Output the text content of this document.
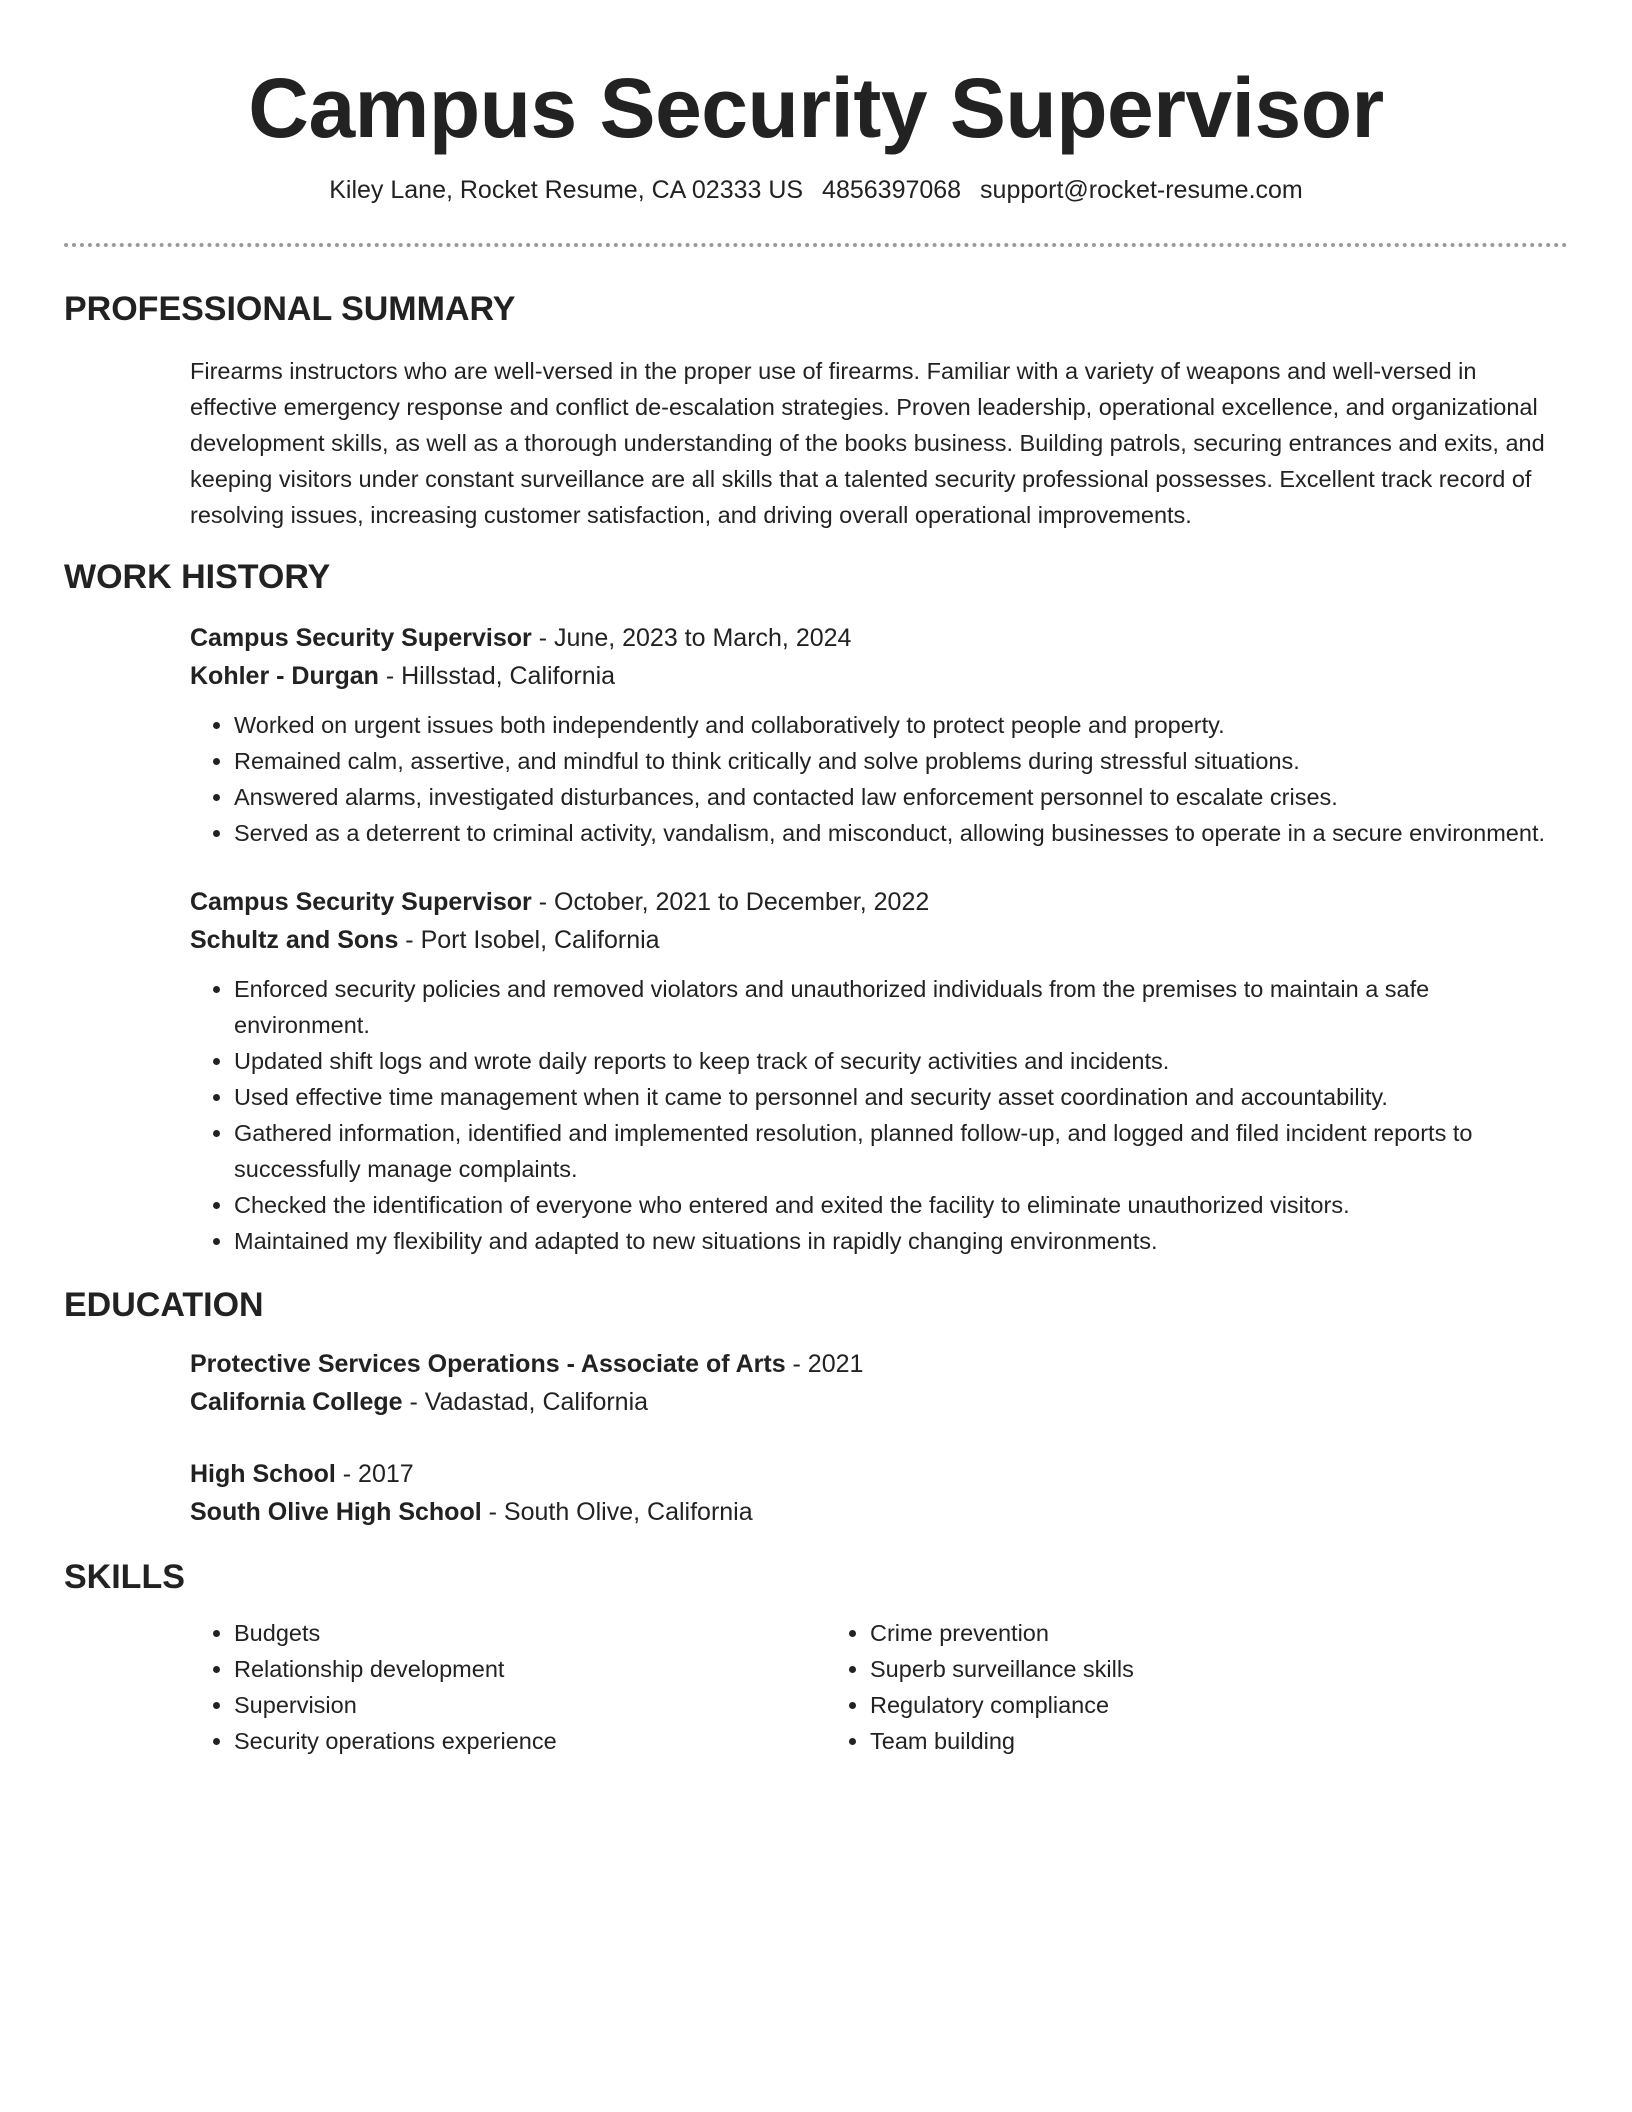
Campus Security Supervisor
Kiley Lane, Rocket Resume, CA 02333 US 4856397068 support@rocket-resume.com
PROFESSIONAL SUMMARY
Firearms instructors who are well-versed in the proper use of firearms. Familiar with a variety of weapons and well-versed in effective emergency response and conflict de-escalation strategies. Proven leadership, operational excellence, and organizational development skills, as well as a thorough understanding of the books business. Building patrols, securing entrances and exits, and keeping visitors under constant surveillance are all skills that a talented security professional possesses. Excellent track record of resolving issues, increasing customer satisfaction, and driving overall operational improvements.
WORK HISTORY
Campus Security Supervisor - June, 2023 to March, 2024
Kohler - Durgan - Hillsstad, California
• Worked on urgent issues both independently and collaboratively to protect people and property.
• Remained calm, assertive, and mindful to think critically and solve problems during stressful situations.
• Answered alarms, investigated disturbances, and contacted law enforcement personnel to escalate crises.
• Served as a deterrent to criminal activity, vandalism, and misconduct, allowing businesses to operate in a secure environment.
Campus Security Supervisor - October, 2021 to December, 2022
Schultz and Sons - Port Isobel, California
• Enforced security policies and removed violators and unauthorized individuals from the premises to maintain a safe environment.
• Updated shift logs and wrote daily reports to keep track of security activities and incidents.
• Used effective time management when it came to personnel and security asset coordination and accountability.
• Gathered information, identified and implemented resolution, planned follow-up, and logged and filed incident reports to successfully manage complaints.
• Checked the identification of everyone who entered and exited the facility to eliminate unauthorized visitors.
• Maintained my flexibility and adapted to new situations in rapidly changing environments.
EDUCATION
Protective Services Operations - Associate of Arts - 2021
California College - Vadastad, California
High School - 2017
South Olive High School - South Olive, California
SKILLS
• Budgets
• Relationship development
• Supervision
• Security operations experience
• Crime prevention
• Superb surveillance skills
• Regulatory compliance
• Team building
